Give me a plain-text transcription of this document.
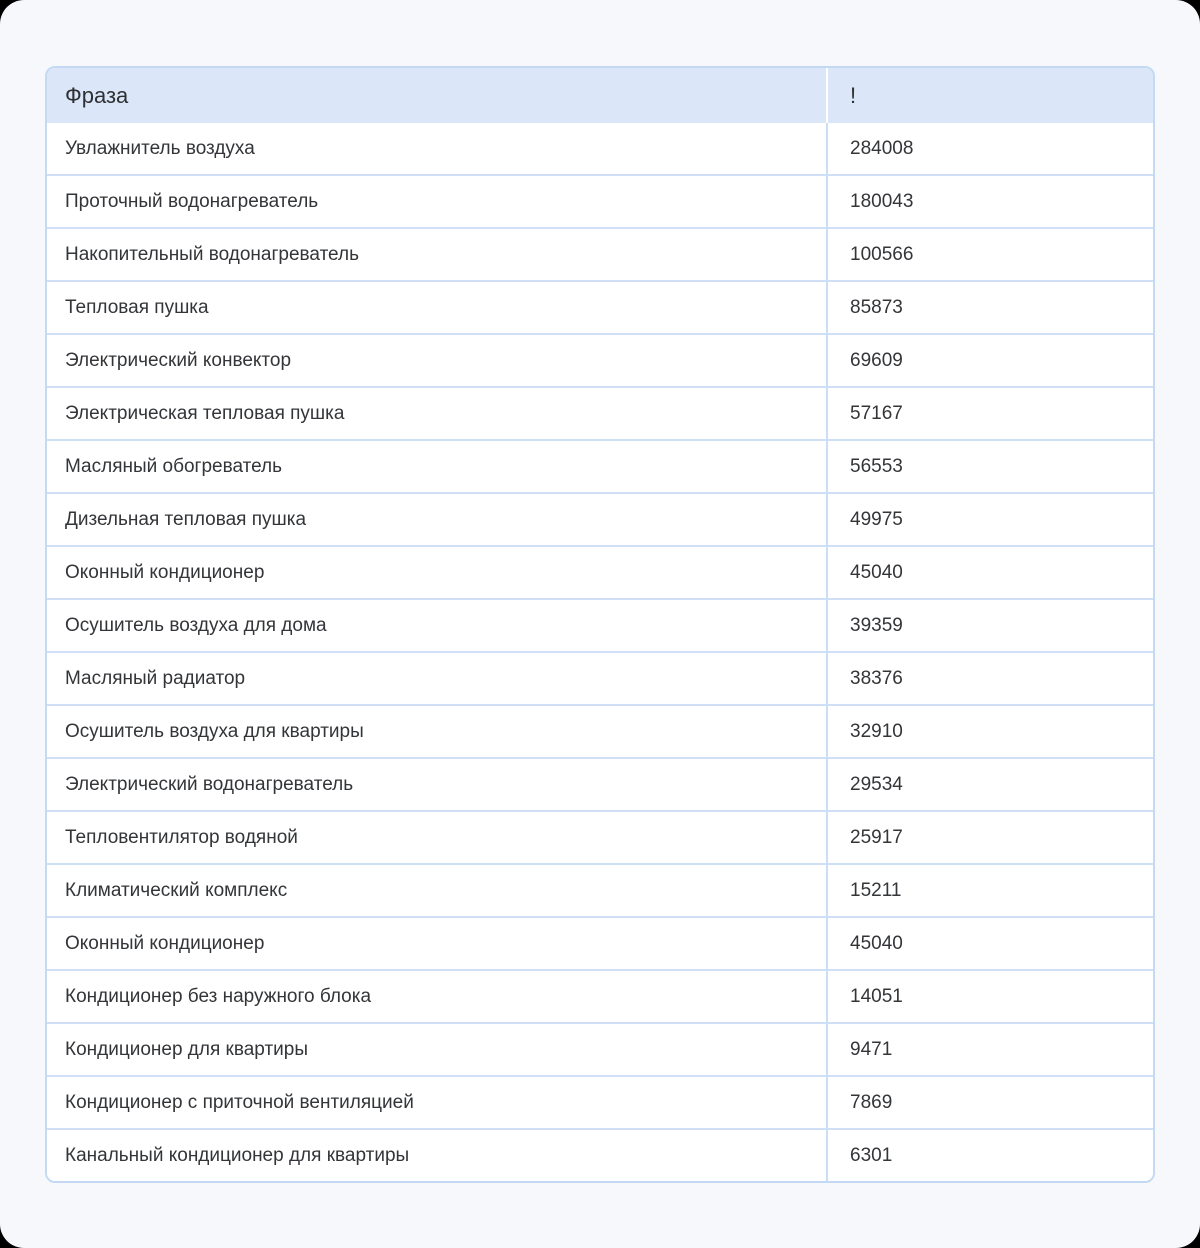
Фраза	!
Увлажнитель воздуха	284008
Проточный водонагреватель	180043
Накопительный водонагреватель	100566
Тепловая пушка	85873
Электрический конвектор	69609
Электрическая тепловая пушка	57167
Масляный обогреватель	56553
Дизельная тепловая пушка	49975
Оконный кондиционер	45040
Осушитель воздуха для дома	39359
Масляный радиатор	38376
Осушитель воздуха для квартиры	32910
Электрический водонагреватель	29534
Тепловентилятор водяной	25917
Климатический комплекс	15211
Оконный кондиционер	45040
Кондиционер без наружного блока	14051
Кондиционер для квартиры	9471
Кондиционер с приточной вентиляцией	7869
Канальный кондиционер для квартиры	6301
